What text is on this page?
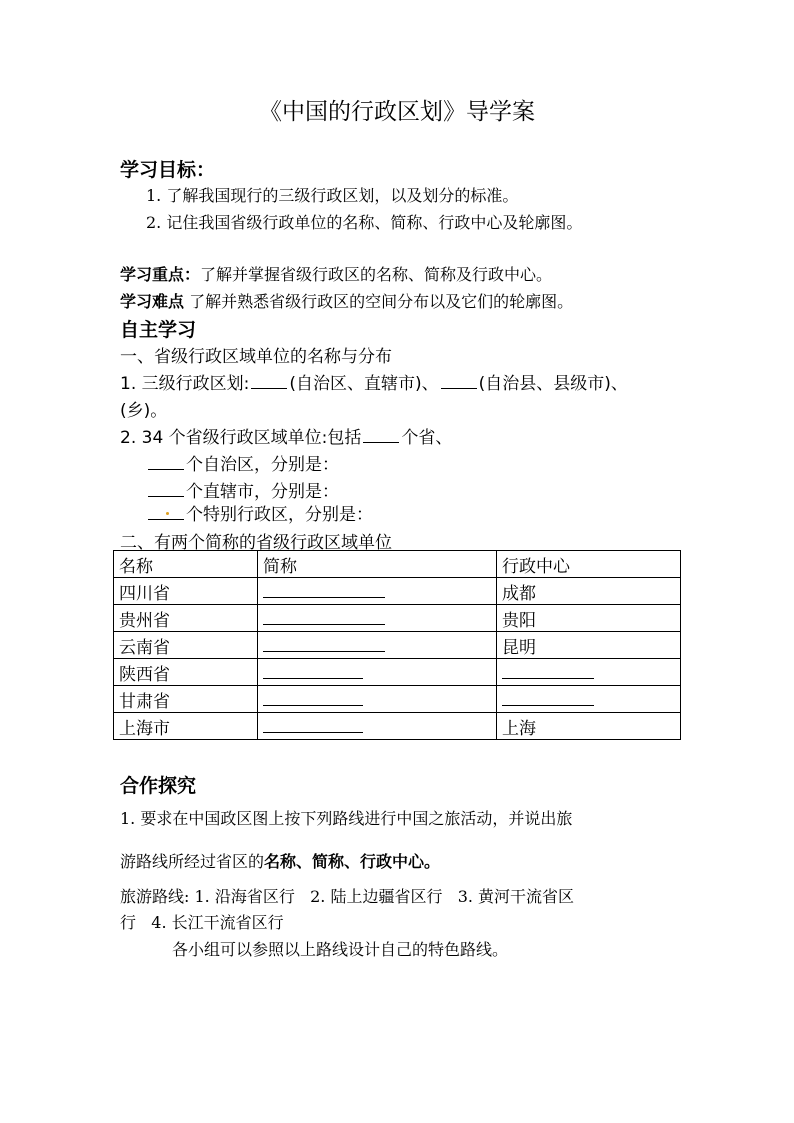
《中国的行政区划》导学案
学习目标：
1. 了解我国现行的三级行政区划，以及划分的标准。
2. 记住我国省级行政单位的名称、简称、行政中心及轮廓图。
学习重点：了解并掌握省级行政区的名称、简称及行政中心。
学习难点 了解并熟悉省级行政区的空间分布以及它们的轮廓图。
自主学习
一、省级行政区域单位的名称与分布
1. 三级行政区划: (自治区、直辖市)、 (自治县、县级市)、
(乡)。
2. 34 个省级行政区域单位:包括 个省、
个自治区，分别是：
个直辖市，分别是：
个特别行政区，分别是：
二、有两个简称的省级行政区域单位
名称	简称	行政中心
四川省		成都
贵州省		贵阳
云南省		昆明
陕西省		
甘肃省		
上海市		上海
合作探究
1. 要求在中国政区图上按下列路线进行中国之旅活动，并说出旅
游路线所经过省区的名称、简称、行政中心。
旅游路线: 1. 沿海省区行   2. 陆上边疆省区行   3. 黄河干流省区
行   4. 长江干流省区行
各小组可以参照以上路线设计自己的特色路线。
